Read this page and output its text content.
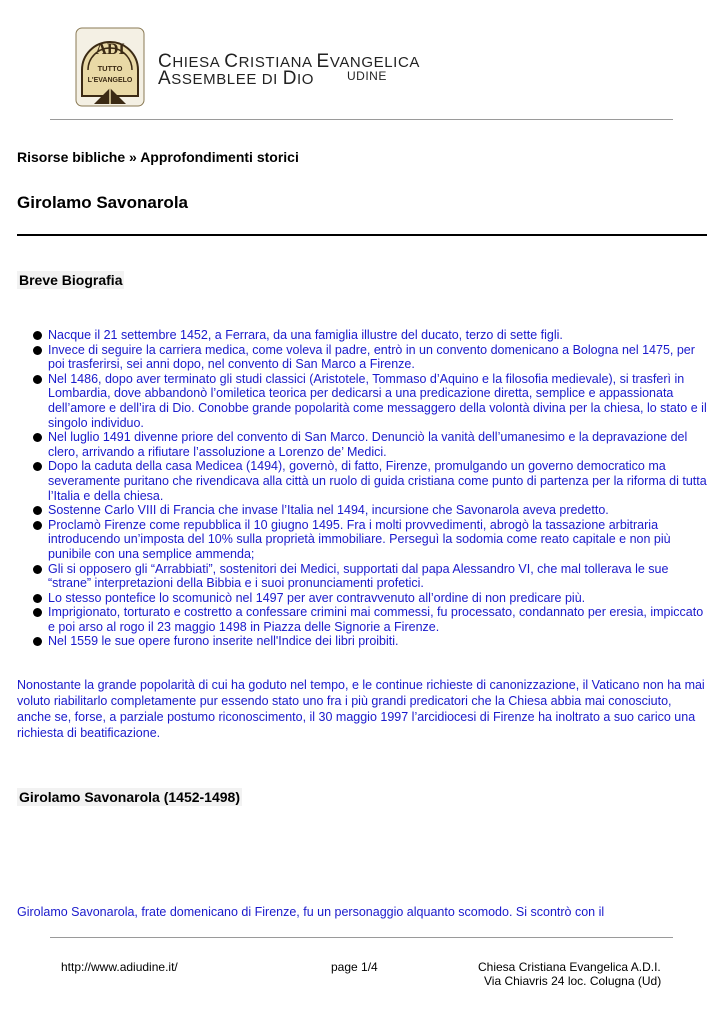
ADI
TUTTO
L'EVANGELO
CHIESA CRISTIANA EVANGELICA
ASSEMBLEE DI DIO	UDINE
Risorse bibliche » Approfondimenti storici
Girolamo Savonarola
Breve Biografia
Nacque il 21 settembre 1452, a Ferrara, da una famiglia illustre del ducato, terzo di sette figli.
Invece di seguire la carriera medica, come voleva il padre, entrò in un convento domenicano a Bologna nel 1475, per poi trasferirsi, sei anni dopo, nel convento di San Marco a Firenze.
Nel 1486, dopo aver terminato gli studi classici (Aristotele, Tommaso d’Aquino e la filosofia medievale), si trasferì in Lombardia, dove abbandonò l’omiletica teorica per dedicarsi a una predicazione diretta, semplice e appassionata dell’amore e dell’ira di Dio. Conobbe grande popolarità come messaggero della volontà divina per la chiesa, lo stato e il singolo individuo.
Nel luglio 1491 divenne priore del convento di San Marco. Denunciò la vanità dell’umanesimo e la depravazione del clero, arrivando a rifiutare l’assoluzione a Lorenzo de’ Medici.
Dopo la caduta della casa Medicea (1494), governò, di fatto, Firenze, promulgando un governo democratico ma severamente puritano che rivendicava alla città un ruolo di guida cristiana come punto di partenza per la riforma di tutta l’Italia e della chiesa.
Sostenne Carlo VIII di Francia che invase l’Italia nel 1494, incursione che Savonarola aveva predetto.
Proclamò Firenze come repubblica il 10 giugno 1495. Fra i molti provvedimenti, abrogò la tassazione arbitraria introducendo un’imposta del 10% sulla proprietà immobiliare. Perseguì la sodomia come reato capitale e non più punibile con una semplice ammenda;
Gli si opposero gli “Arrabbiati”, sostenitori dei Medici, supportati dal papa Alessandro VI, che mal tollerava le sue “strane” interpretazioni della Bibbia e i suoi pronunciamenti profetici.
Lo stesso pontefice lo scomunicò nel 1497 per aver contravvenuto all’ordine di non predicare più.
Imprigionato, torturato e costretto a confessare crimini mai commessi, fu processato, condannato per eresia, impiccato e poi arso al rogo il 23 maggio 1498 in Piazza delle Signorie a Firenze.
Nel 1559 le sue opere furono inserite nell'Indice dei libri proibiti.
Nonostante la grande popolarità di cui ha goduto nel tempo, e le continue richieste di canonizzazione, il Vaticano non ha mai voluto riabilitarlo completamente pur essendo stato uno fra i più grandi predicatori che la Chiesa abbia mai conosciuto, anche se, forse, a parziale postumo riconoscimento, il 30 maggio 1997 l’arcidiocesi di Firenze ha inoltrato a suo carico una richiesta di beatificazione.
Girolamo Savonarola (1452-1498)
Girolamo Savonarola, frate domenicano di Firenze, fu un personaggio alquanto scomodo. Si scontrò con il
http://www.adiudine.it/	page 1/4	Chiesa Cristiana Evangelica A.D.I.
Via Chiavris 24 loc. Colugna (Ud)
